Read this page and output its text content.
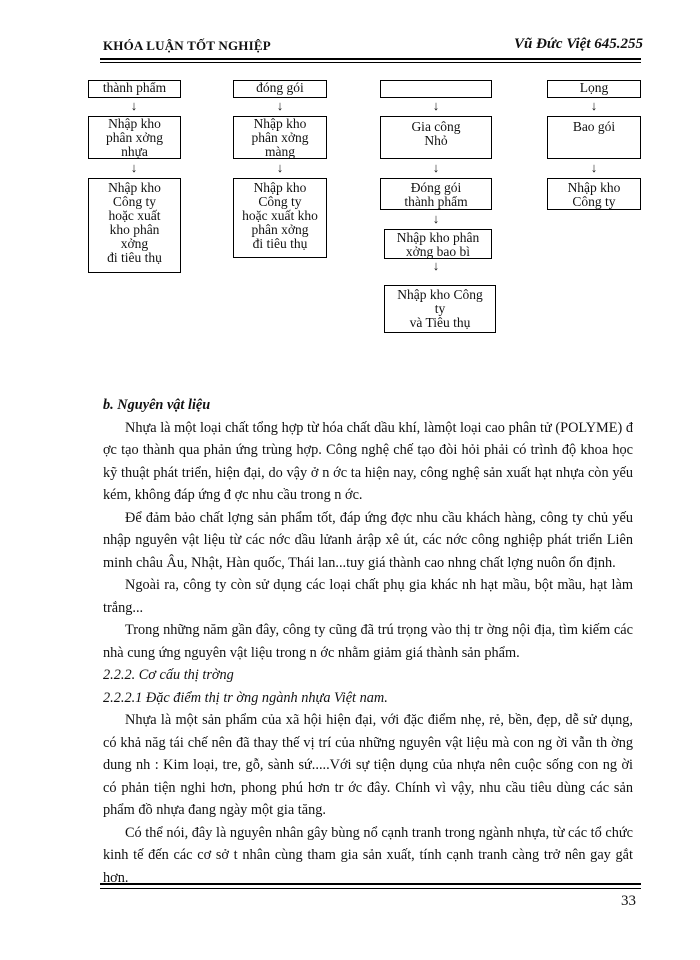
KHÓA LUẬN TỐT NGHIỆP	Vũ Đức Việt 645.255
thành phẩm	đóng gói	Lọng
↓	↓	↓	↓
Nhập kho
phân xởng
nhựa
Nhập kho
phân xởng
màng
Gia công
Nhỏ
Bao gói
↓	↓	↓	↓
Nhập kho
Công ty
hoặc xuất
kho phân
xởng
đi tiêu thụ
Nhập kho
Công ty
hoặc xuất kho
phân xởng
đi tiêu thụ
Đóng gói
thành phẩm
Nhập kho
Công ty
↓
Nhập kho phân
xởng bao bì
↓
Nhập kho Công
ty
và Tiêu thụ

b. Nguyên vật liệu

Nhựa là một loại chất tổng hợp từ hóa chất dầu khí, làmột loại cao phân tử (POLYME) đ ợc tạo thành qua phản ứng trùng hợp. Công nghệ chế tạo đòi hỏi phải có trình độ khoa học kỹ thuật phát triển, hiện đại, do vậy ở n ớc ta hiện nay, công nghệ sản xuất hạt nhựa còn yếu kém, không đáp ứng đ ợc nhu cầu trong n ớc.

Để đảm bảo chất lợng sản phẩm tốt, đáp ứng đợc nhu cầu khách hàng, công ty chủ yếu nhập nguyên vật liệu từ các nớc dầu lửanh ảrập xê út, các nớc công nghiệp phát triển Liên minh châu Âu, Nhật, Hàn quốc, Thái lan...tuy giá thành cao nhng chất lợng nuôn ổn định.

Ngoài ra, công ty còn sử dụng các loại chất phụ gia khác nh hạt mầu, bột mầu, hạt làm trắng...

Trong những năm gần đây, công ty cũng đã trú trọng vào thị tr ờng nội địa, tìm kiếm các nhà cung ứng nguyên vật liệu trong n ớc nhằm giảm giá thành sản phẩm.

2.2.2. Cơ cấu thị trờng

2.2.2.1 Đặc điểm thị tr ờng ngành nhựa Việt nam.

Nhựa là một sản phẩm của xã hội hiện đại, với đặc điểm nhẹ, rẻ, bền, đẹp, dễ sử dụng, có khả năg tái chế nên đã thay thế vị trí của những nguyên vật liệu mà con ng ời vẫn th ờng dung nh : Kim loại, tre, gỗ, sành sứ.....Với sự tiện dụng của nhựa nên cuộc sống con ng ời có phản tiện nghi hơn, phong phú hơn tr ớc đây. Chính vì vậy, nhu cầu tiêu dùng các sản phẩm đồ nhựa đang ngày một gia tăng.

Có thể nói, đây là nguyên nhân gây bùng nổ cạnh tranh trong ngành nhựa, từ các tổ chức kinh tế đến các cơ sở t nhân cùng tham gia sản xuất, tính cạnh tranh càng trở nên gay gắt hơn.

33
